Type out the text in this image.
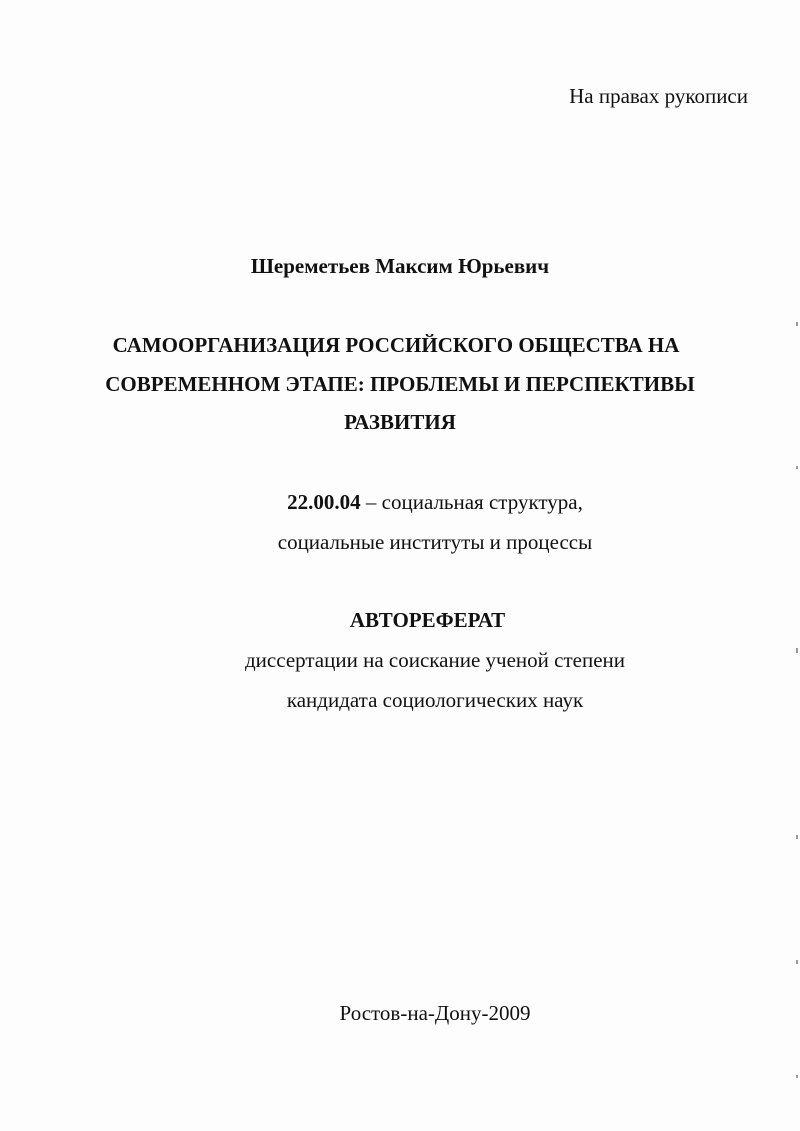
На правах рукописи
Шереметьев Максим Юрьевич
САМООРГАНИЗАЦИЯ РОССИЙСКОГО ОБЩЕСТВА НА
СОВРЕМЕННОМ ЭТАПЕ: ПРОБЛЕМЫ И ПЕРСПЕКТИВЫ
РАЗВИТИЯ
22.00.04 – социальная структура,
социальные институты и процессы
АВТОРЕФЕРАТ
диссертации на соискание ученой степени
кандидата социологических наук
Ростов-на-Дону-2009
